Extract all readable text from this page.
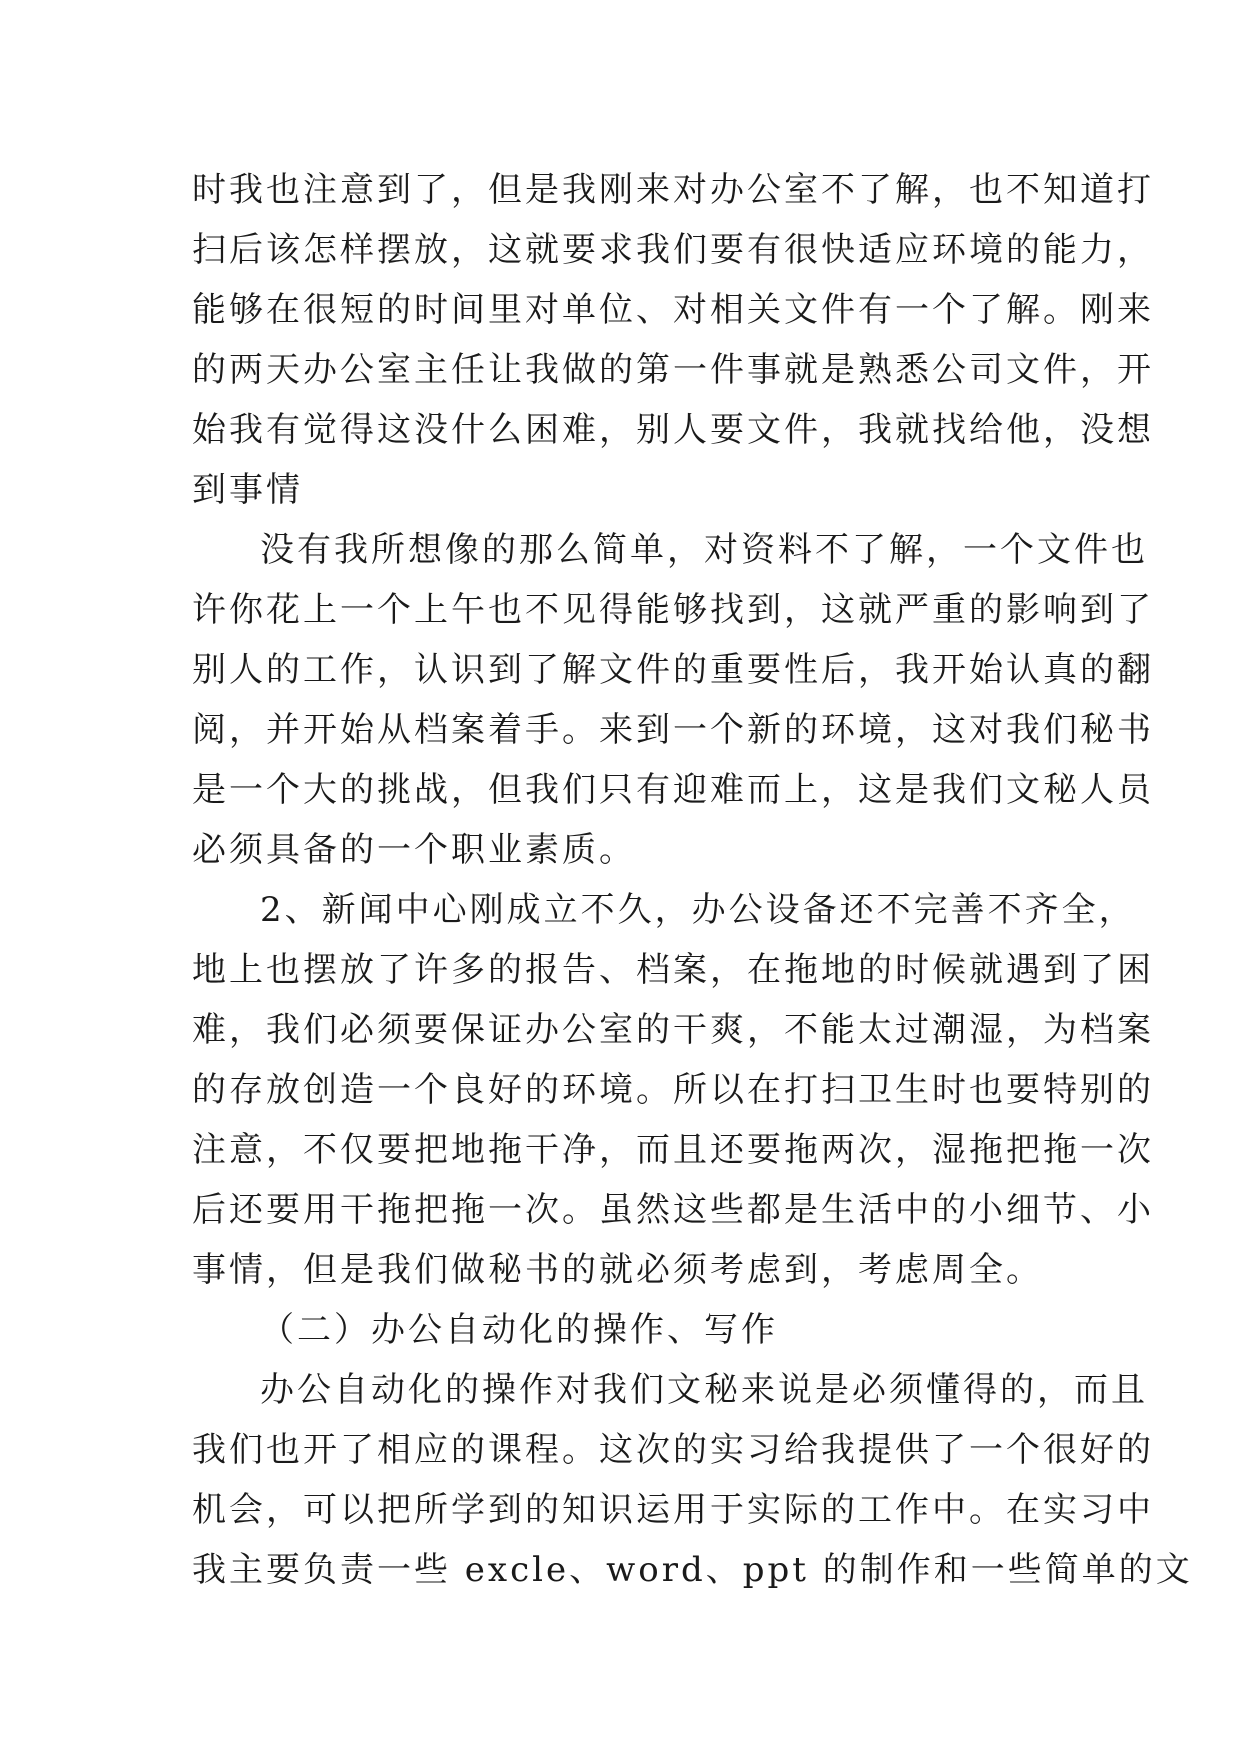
时我也注意到了，但是我刚来对办公室不了解，也不知道打
扫后该怎样摆放，这就要求我们要有很快适应环境的能力，
能够在很短的时间里对单位、对相关文件有一个了解。刚来
的两天办公室主任让我做的第一件事就是熟悉公司文件，开
始我有觉得这没什么困难，别人要文件，我就找给他，没想
到事情
没有我所想像的那么简单，对资料不了解，一个文件也
许你花上一个上午也不见得能够找到，这就严重的影响到了
别人的工作，认识到了解文件的重要性后，我开始认真的翻
阅，并开始从档案着手。来到一个新的环境，这对我们秘书
是一个大的挑战，但我们只有迎难而上，这是我们文秘人员
必须具备的一个职业素质。
2、新闻中心刚成立不久，办公设备还不完善不齐全，
地上也摆放了许多的报告、档案，在拖地的时候就遇到了困
难，我们必须要保证办公室的干爽，不能太过潮湿，为档案
的存放创造一个良好的环境。所以在打扫卫生时也要特别的
注意，不仅要把地拖干净，而且还要拖两次，湿拖把拖一次
后还要用干拖把拖一次。虽然这些都是生活中的小细节、小
事情，但是我们做秘书的就必须考虑到，考虑周全。
（二）办公自动化的操作、写作
办公自动化的操作对我们文秘来说是必须懂得的，而且
我们也开了相应的课程。这次的实习给我提供了一个很好的
机会，可以把所学到的知识运用于实际的工作中。在实习中
我主要负责一些 excle、word、ppt 的制作和一些简单的文
